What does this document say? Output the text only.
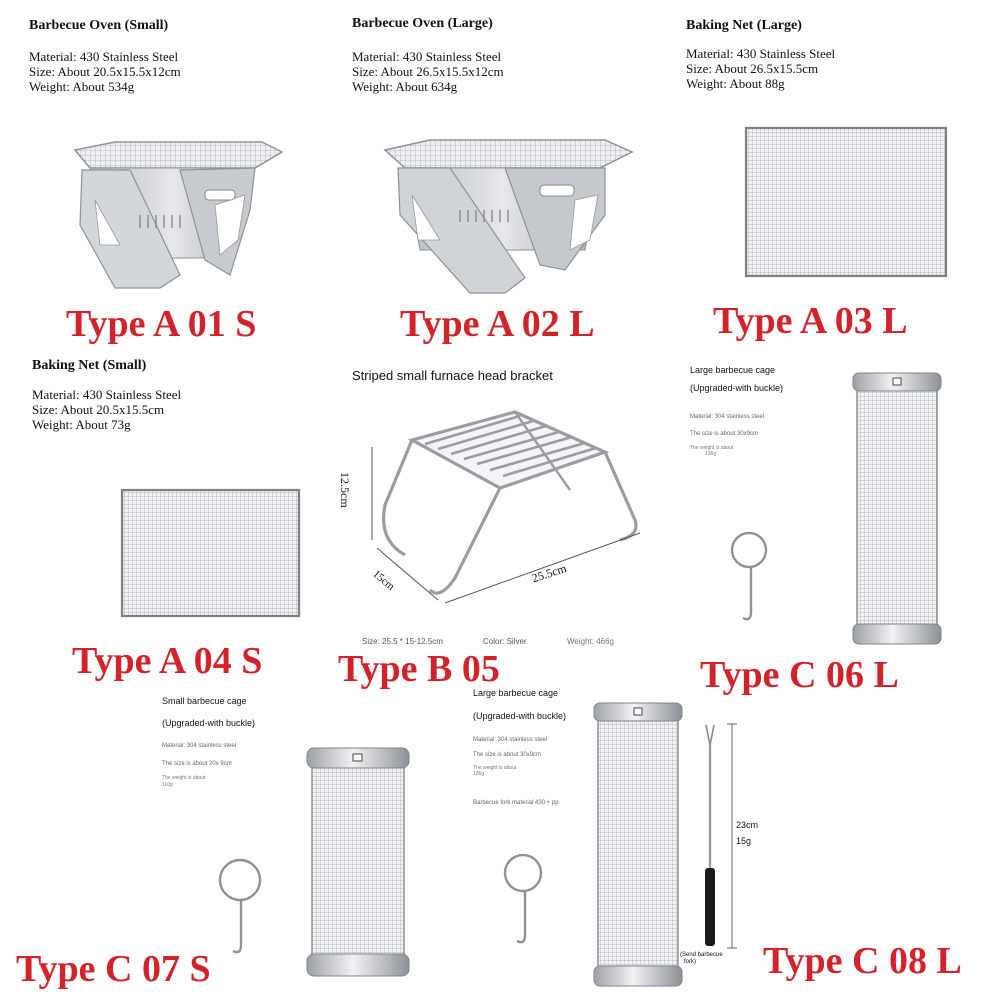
Barbecue Oven (Small)
Material: 430 Stainless Steel
Size: About 20.5x15.5x12cm
Weight: About 534g
Type A 01 S
Barbecue Oven (Large)
Material: 430 Stainless Steel
Size: About 26.5x15.5x12cm
Weight: About 634g
Type A 02 L
Baking Net (Large)
Material: 430 Stainless Steel
Size: About 26.5x15.5cm
Weight: About 88g
Type A 03 L
Baking Net (Small)
Material: 430 Stainless Steel
Size: About 20.5x15.5cm
Weight: About 73g
Type A 04 S
Striped small furnace head bracket
12.5cm
15cm	25.5cm
Size: 25.5 * 15-12.5cm	Color: Silver	Weight: 466g
Type B 05
Large barbecue cage
(Upgraded-with buckle)
Material: 304 stainless steel
The size is about 30x9cm
The weight is about
136g
Type C 06 L
Small barbecue cage
(Upgraded-with buckle)
Material: 304 stainless steel
The size is about 20x 9cm
The weight is about
110g
Type C 07 S
Large barbecue cage
(Upgraded-with buckle)
Material: 304 stainless steel
The size is about 30x9cm
The weight is about
136g
Barbecue fork material 430 + pp
23cm
15g
(Send barbecue
fork) Type C 08 L
